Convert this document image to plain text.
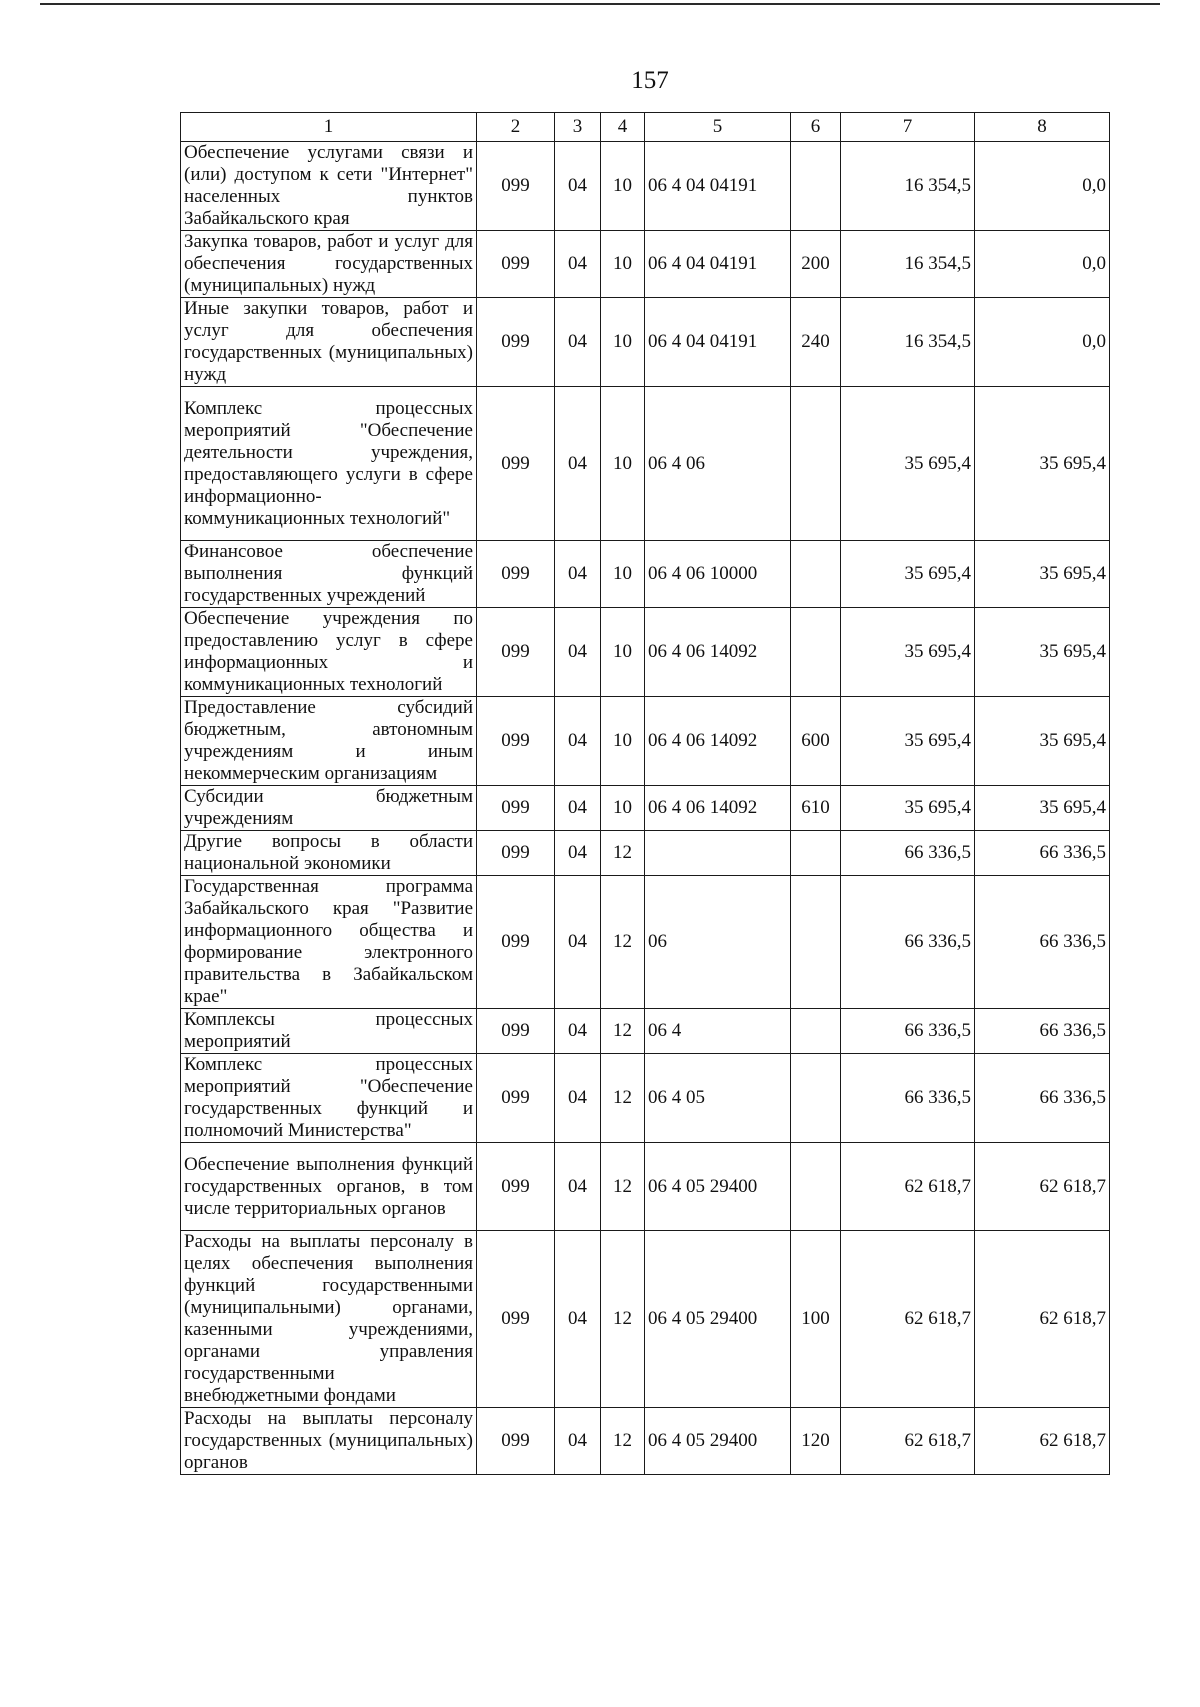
157
1	2	3	4	5	6	7	8
Обеспечение услугами связи и (или) доступом к сети "Интернет" населенных пунктов Забайкальского края	099	04	10	06 4 04 04191		16 354,5	0,0
Закупка товаров, работ и услуг для обеспечения государственных (муниципальных) нужд	099	04	10	06 4 04 04191	200	16 354,5	0,0
Иные закупки товаров, работ и услуг для обеспечения государственных (муниципальных) нужд	099	04	10	06 4 04 04191	240	16 354,5	0,0
Комплекс процессных мероприятий "Обеспечение деятельности учреждения, предоставляющего услуги в сфере информационно-коммуникационных технологий"	099	04	10	06 4 06		35 695,4	35 695,4
Финансовое обеспечение выполнения функций государственных учреждений	099	04	10	06 4 06 10000		35 695,4	35 695,4
Обеспечение учреждения по предоставлению услуг в сфере информационных и коммуникационных технологий	099	04	10	06 4 06 14092		35 695,4	35 695,4
Предоставление субсидий бюджетным, автономным учреждениям и иным некоммерческим организациям	099	04	10	06 4 06 14092	600	35 695,4	35 695,4
Субсидии бюджетным учреждениям	099	04	10	06 4 06 14092	610	35 695,4	35 695,4
Другие вопросы в области национальной экономики	099	04	12			66 336,5	66 336,5
Государственная программа Забайкальского края "Развитие информационного общества и формирование электронного правительства в Забайкальском крае"	099	04	12	06		66 336,5	66 336,5
Комплексы процессных мероприятий	099	04	12	06 4		66 336,5	66 336,5
Комплекс процессных мероприятий "Обеспечение государственных функций и полномочий Министерства"	099	04	12	06 4 05		66 336,5	66 336,5
Обеспечение выполнения функций государственных органов, в том числе территориальных органов	099	04	12	06 4 05 29400		62 618,7	62 618,7
Расходы на выплаты персоналу в целях обеспечения выполнения функций государственными (муниципальными) органами, казенными учреждениями, органами управления государственными внебюджетными фондами	099	04	12	06 4 05 29400	100	62 618,7	62 618,7
Расходы на выплаты персоналу государственных (муниципальных) органов	099	04	12	06 4 05 29400	120	62 618,7	62 618,7
